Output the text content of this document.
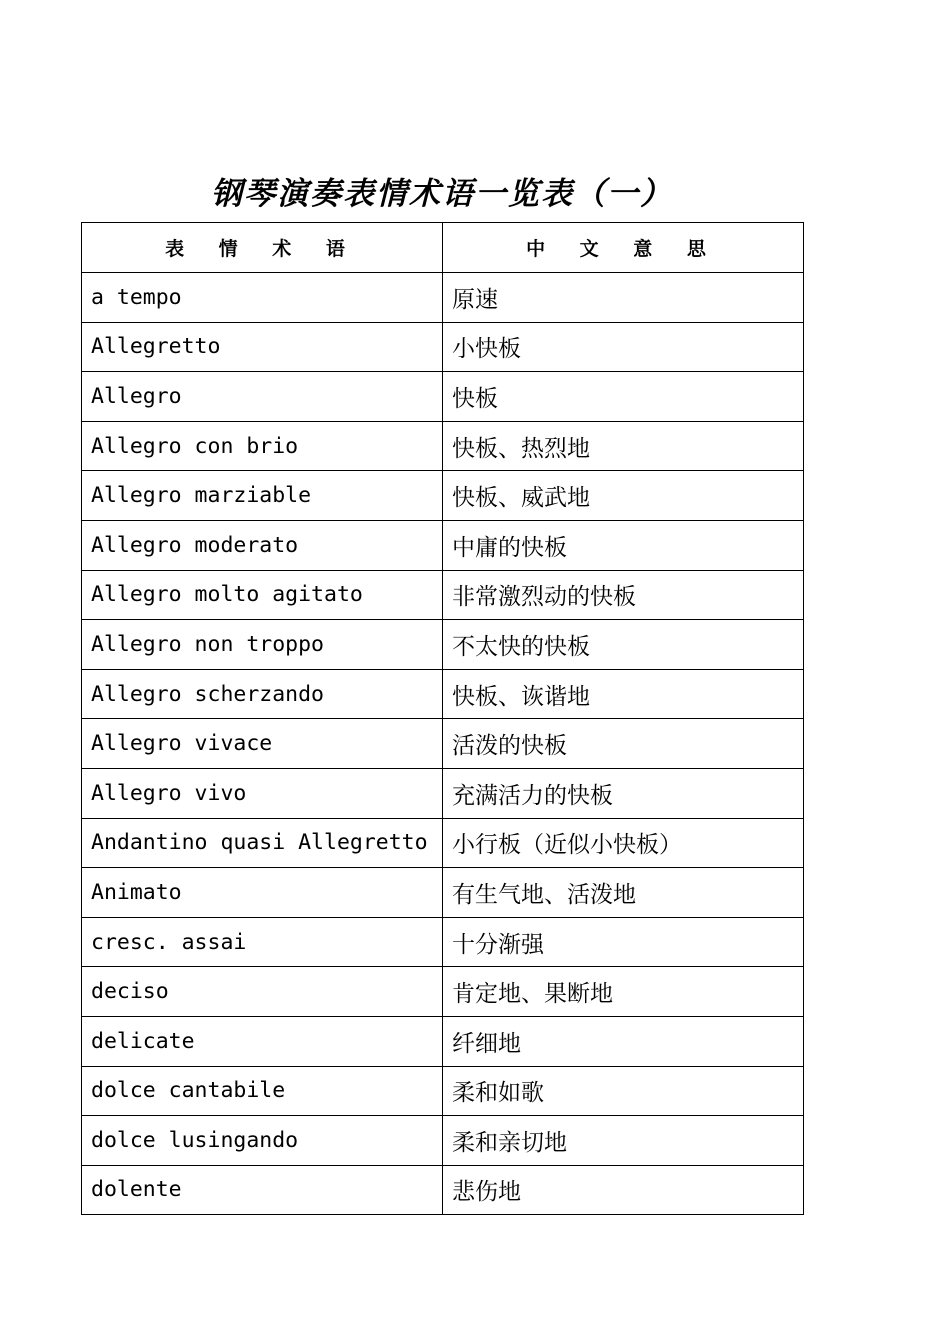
钢琴演奏表情术语一览表（一）
表 情 术 语	中 文 意 思
a tempo	原速
Allegretto	小快板
Allegro	快板
Allegro con brio	快板、热烈地
Allegro marziable	快板、威武地
Allegro moderato	中庸的快板
Allegro molto agitato	非常激烈动的快板
Allegro non troppo	不太快的快板
Allegro scherzando	快板、诙谐地
Allegro vivace	活泼的快板
Allegro vivo	充满活力的快板
Andantino quasi Allegretto	小行板（近似小快板）
Animato	有生气地、活泼地
cresc. assai	十分渐强
deciso	肯定地、果断地
delicate	纤细地
dolce cantabile	柔和如歌
dolce lusingando	柔和亲切地
dolente	悲伤地
